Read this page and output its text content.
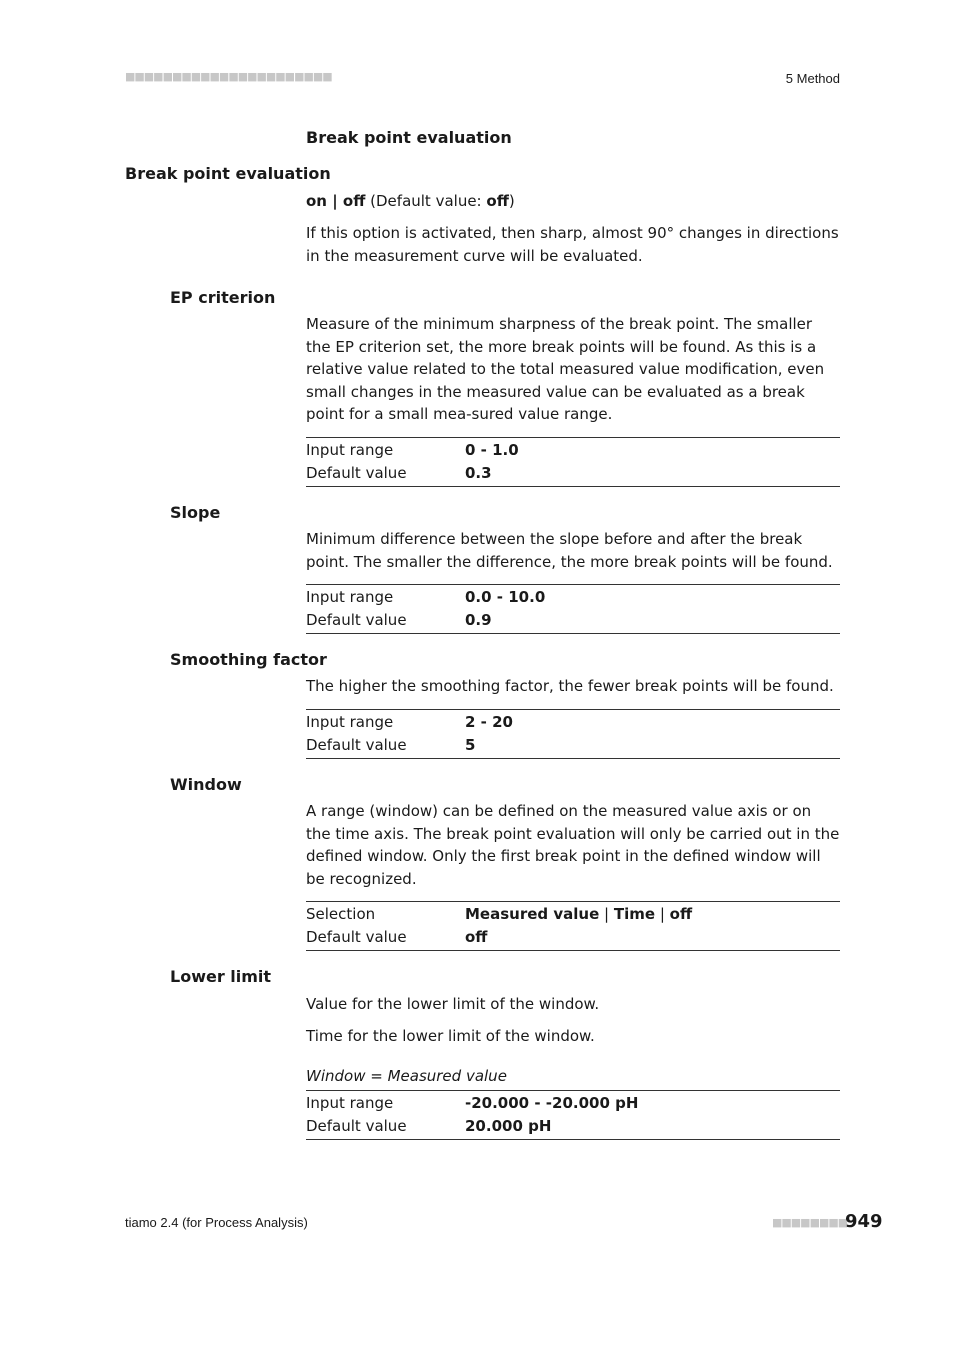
■■■■■■■■■■■■■■■■■■■■■■	5 Method
Break point evaluation
Break point evaluation
on | off (Default value: off)
If this option is activated, then sharp, almost 90° changes in directions in the measurement curve will be evaluated.
EP criterion
Measure of the minimum sharpness of the break point. The smaller the EP criterion set, the more break points will be found. As this is a relative value related to the total measured value modification, even small changes in the measured value can be evaluated as a break point for a small mea-sured value range.
Input range	0 - 1.0
Default value	0.3
Slope
Minimum difference between the slope before and after the break point. The smaller the difference, the more break points will be found.
Input range	0.0 - 10.0
Default value	0.9
Smoothing factor
The higher the smoothing factor, the fewer break points will be found.
Input range	2 - 20
Default value	5
Window
A range (window) can be defined on the measured value axis or on the time axis. The break point evaluation will only be carried out in the defined window. Only the first break point in the defined window will be recognized.
Selection	Measured value | Time | off
Default value	off
Lower limit
Value for the lower limit of the window.
Time for the lower limit of the window.
Window = Measured value
Input range	-20.000 - -20.000 pH
Default value	20.000 pH
tiamo 2.4 (for Process Analysis)	■■■■■■■■
949
